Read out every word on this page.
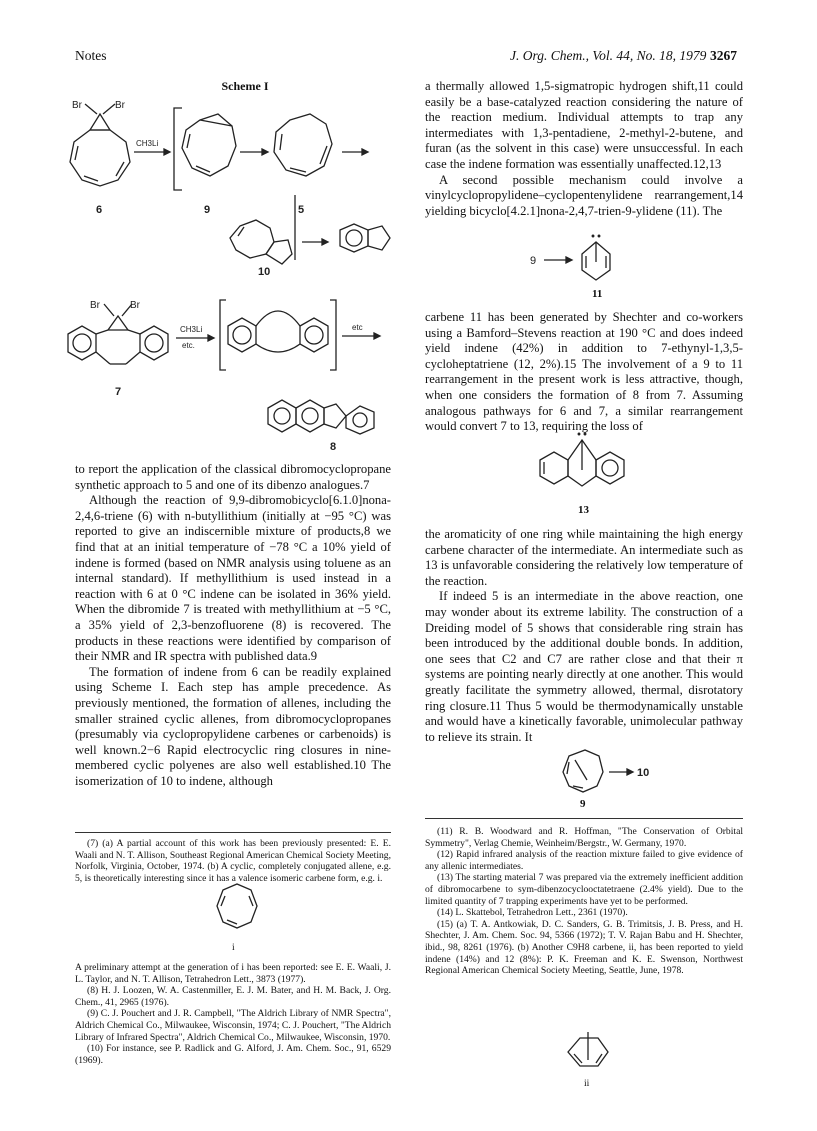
Notes	J. Org. Chem., Vol. 44, No. 18, 1979 3267
Scheme I
Br	Br
CH3Li
6	9	5
10
Br	Br
7
CH3Li
etc.
etc
8

to report the application of the classical dibromocyclopropane synthetic approach to 5 and one of its dibenzo analogues.7

Although the reaction of 9,9-dibromobicyclo[6.1.0]nona-2,4,6-triene (6) with n-butyllithium (initially at −95 °C) was reported to give an indiscernible mixture of products,8 we find that at an initial temperature of −78 °C a 10% yield of indene is formed (based on NMR analysis using toluene as an internal standard). If methyllithium is used instead in a reaction with 6 at 0 °C indene can be isolated in 36% yield. When the dibromide 7 is treated with methyllithium at −5 °C, a 35% yield of 2,3-benzofluorene (8) is recovered. The products in these reactions were identified by comparison of their NMR and IR spectra with published data.9

The formation of indene from 6 can be readily explained using Scheme I. Each step has ample precedence. As previously mentioned, the formation of allenes, including the smaller strained cyclic allenes, from dibromocyclopropanes (presumably via cyclopropylidene carbenes or carbenoids) is well known.2−6 Rapid electrocyclic ring closures in nine-membered cyclic polyenes are also well established.10 The isomerization of 10 to indene, although

(7) (a) A partial account of this work has been previously presented: E. E. Waali and N. T. Allison, Southeast Regional American Chemical Society Meeting, Norfolk, Virginia, October, 1974. (b) A cyclic, completely conjugated allene, e.g. 5, is theoretically interesting since it has a valence isomeric carbene form, e.g. i.

i

A preliminary attempt at the generation of i has been reported: see E. E. Waali, J. L. Taylor, and N. T. Allison, Tetrahedron Lett., 3873 (1977).

(8) H. J. Loozen, W. A. Castenmiller, E. J. M. Bater, and H. M. Back, J. Org. Chem., 41, 2965 (1976).

(9) C. J. Pouchert and J. R. Campbell, "The Aldrich Library of NMR Spectra", Aldrich Chemical Co., Milwaukee, Wisconsin, 1974; C. J. Pouchert, "The Aldrich Library of Infrared Spectra", Aldrich Chemical Co., Milwaukee, Wisconsin, 1970.

(10) For instance, see P. Radlick and G. Alford, J. Am. Chem. Soc., 91, 6529 (1969).

a thermally allowed 1,5-sigmatropic hydrogen shift,11 could easily be a base-catalyzed reaction considering the nature of the reaction medium. Individual attempts to trap any intermediates with 1,3-pentadiene, 2-methyl-2-butene, and furan (as the solvent in this case) were unsuccessful. In each case the indene formation was essentially unaffected.12,13

A second possible mechanism could involve a vinylcyclopropylidene–cyclopentenylidene rearrangement,14 yielding bicyclo[4.2.1]nona-2,4,7-trien-9-ylidene (11). The

9
11

carbene 11 has been generated by Shechter and co-workers using a Bamford–Stevens reaction at 190 °C and does indeed yield indene (42%) in addition to 7-ethynyl-1,3,5-cycloheptatriene (12, 2%).15 The involvement of a 9 to 11 rearrangement in the present work is less attractive, though, when one considers the formation of 8 from 7. Assuming analogous pathways for 6 and 7, a similar rearrangement would convert 7 to 13, requiring the loss of

13

the aromaticity of one ring while maintaining the high energy carbene character of the intermediate. An intermediate such as 13 is unfavorable considering the relatively low temperature of the reaction.

If indeed 5 is an intermediate in the above reaction, one may wonder about its extreme lability. The construction of a Dreiding model of 5 shows that considerable ring strain has been introduced by the additional double bonds. In addition, one sees that C2 and C7 are rather close and that their π systems are pointing nearly directly at one another. This would greatly facilitate the symmetry allowed, thermal, disrotatory ring closure.11 Thus 5 would be thermodynamically unstable and would have a kinetically favorable, unimolecular pathway to relieve its strain. It

10
9

(11) R. B. Woodward and R. Hoffman, "The Conservation of Orbital Symmetry", Verlag Chemie, Weinheim/Bergstr., W. Germany, 1970.

(12) Rapid infrared analysis of the reaction mixture failed to give evidence of any allenic intermediates.

(13) The starting material 7 was prepared via the extremely inefficient addition of dibromocarbene to sym-dibenzocyclooctatetraene (2.4% yield). Due to the limited quantity of 7 trapping experiments have yet to be performed.

(14) L. Skattebol, Tetrahedron Lett., 2361 (1970).

(15) (a) T. A. Antkowiak, D. C. Sanders, G. B. Trimitsis, J. B. Press, and H. Shechter, J. Am. Chem. Soc. 94, 5366 (1972); T. V. Rajan Babu and H. Shechter, ibid., 98, 8261 (1976). (b) Another C9H8 carbene, ii, has been reported to yield indene (14%) and 12 (8%): P. K. Freeman and K. E. Swenson, Northwest Regional American Chemical Society Meeting, Seattle, June, 1978.

ii
